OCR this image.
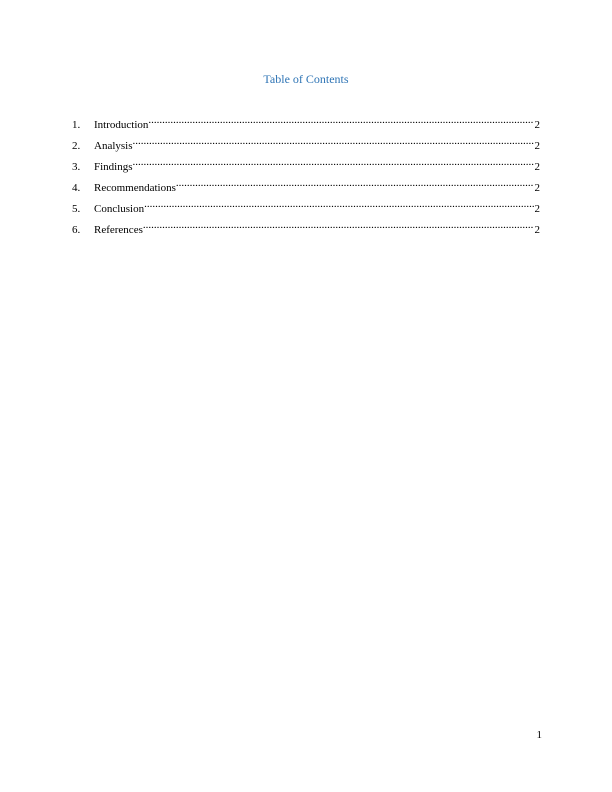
Table of Contents
1.	Introduction .....	2
2.	Analysis .....	2
3.	Findings .....	2
4.	Recommendations .....	2
5.	Conclusion .....	2
6.	References .....	2
1
